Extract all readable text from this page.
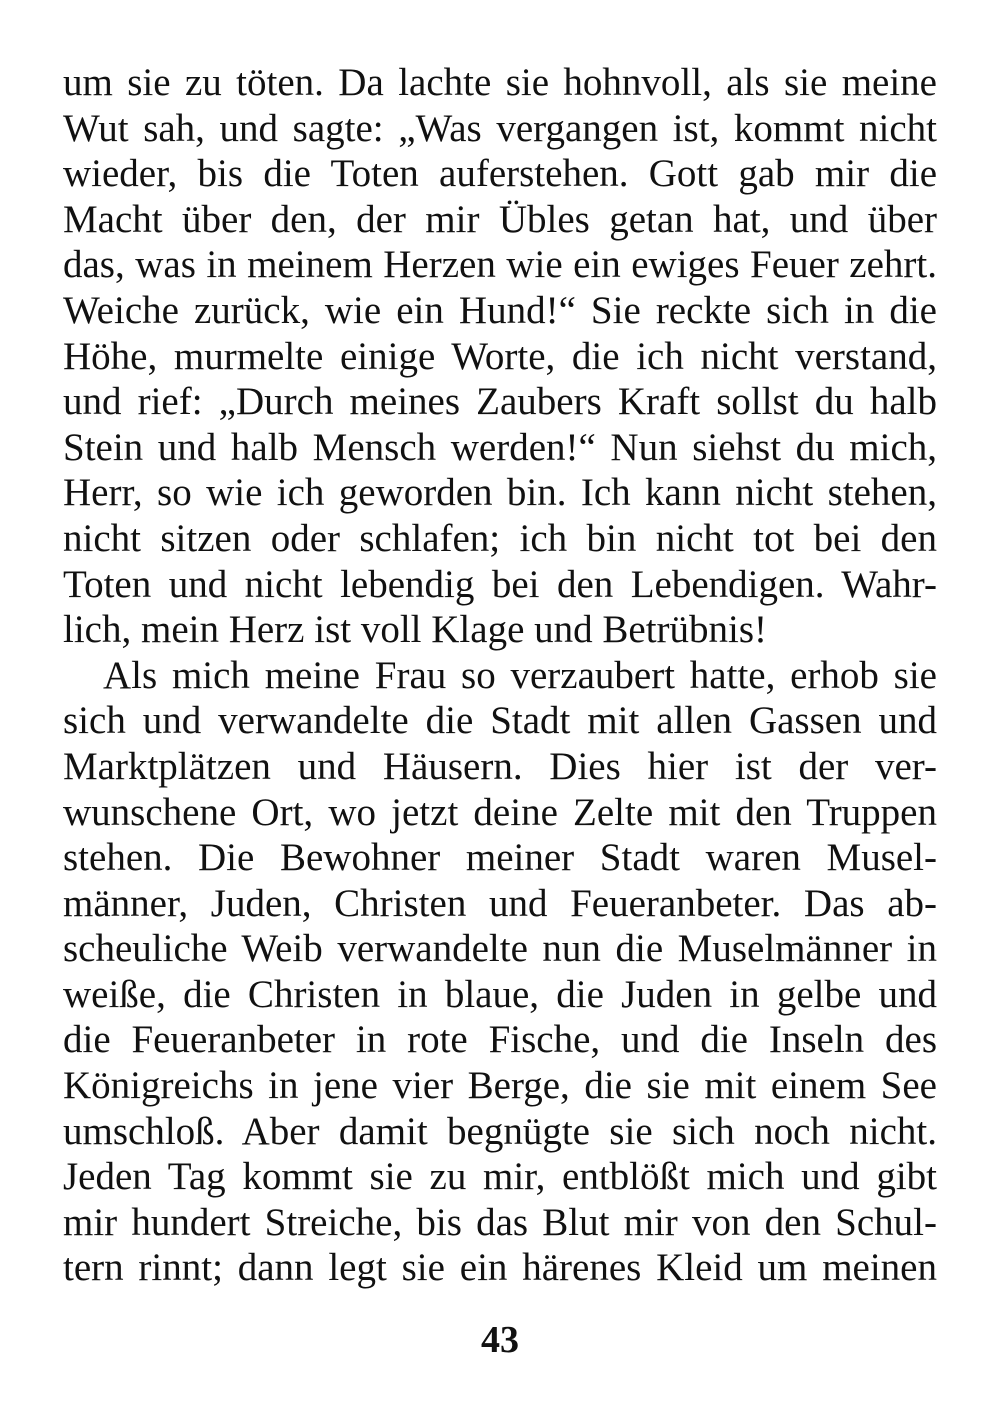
um sie zu töten. Da lachte sie hohnvoll, als sie meine
Wut sah, und sagte: „Was vergangen ist, kommt nicht
wieder, bis die Toten auferstehen. Gott gab mir die
Macht über den, der mir Übles getan hat, und über
das, was in meinem Herzen wie ein ewiges Feuer zehrt.
Weiche zurück, wie ein Hund!“ Sie reckte sich in die
Höhe, murmelte einige Worte, die ich nicht verstand,
und rief: „Durch meines Zaubers Kraft sollst du halb
Stein und halb Mensch werden!“ Nun siehst du mich,
Herr, so wie ich geworden bin. Ich kann nicht stehen,
nicht sitzen oder schlafen; ich bin nicht tot bei den
Toten und nicht lebendig bei den Lebendigen. Wahr-
lich, mein Herz ist voll Klage und Betrübnis!
Als mich meine Frau so verzaubert hatte, erhob sie
sich und verwandelte die Stadt mit allen Gassen und
Marktplätzen und Häusern. Dies hier ist der ver-
wunschene Ort, wo jetzt deine Zelte mit den Truppen
stehen. Die Bewohner meiner Stadt waren Musel-
männer, Juden, Christen und Feueranbeter. Das ab-
scheuliche Weib verwandelte nun die Muselmänner in
weiße, die Christen in blaue, die Juden in gelbe und
die Feueranbeter in rote Fische, und die Inseln des
Königreichs in jene vier Berge, die sie mit einem See
umschloß. Aber damit begnügte sie sich noch nicht.
Jeden Tag kommt sie zu mir, entblößt mich und gibt
mir hundert Streiche, bis das Blut mir von den Schul-
tern rinnt; dann legt sie ein härenes Kleid um meinen
43
